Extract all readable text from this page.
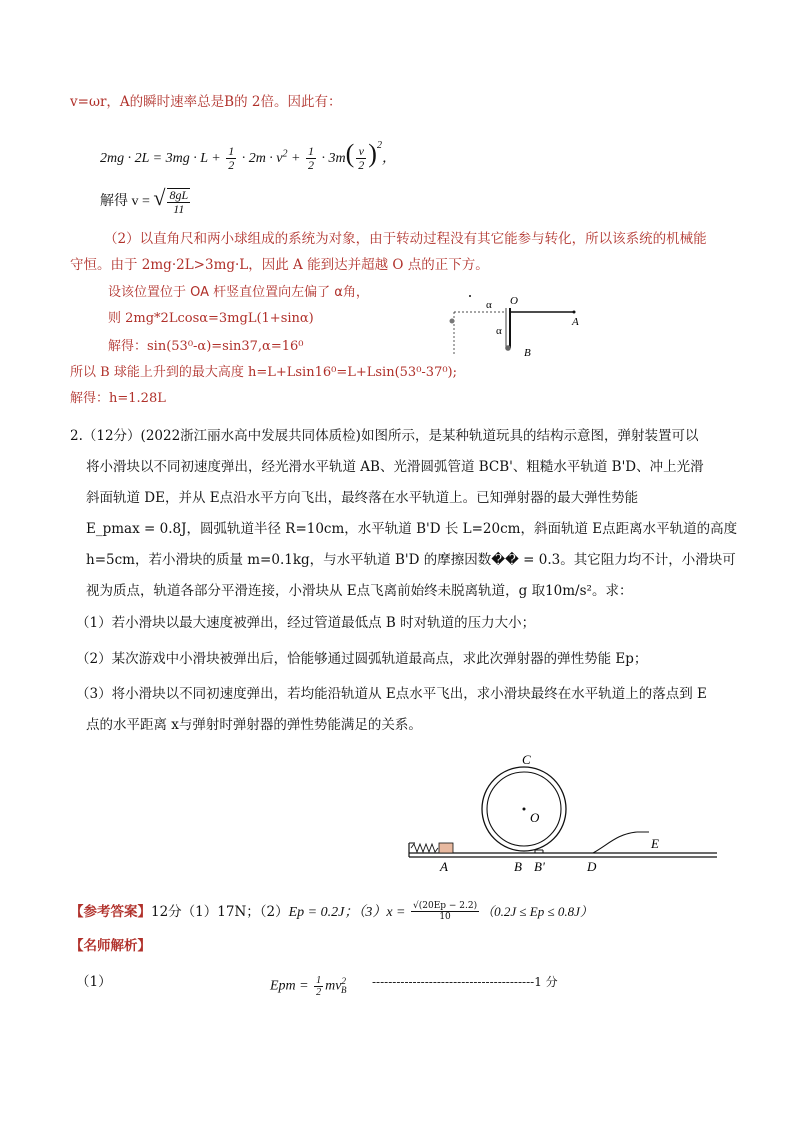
v=ωr，A的瞬时速率总是B的 2倍。因此有：
$2mg \cdot 2L = 3mg \cdot L + \frac{1}{2} \cdot 2m \cdot v^2 + \frac{1}{2} \cdot 3m( \frac{v}{2} )^2$，
解得 v = √ $\frac{8gL}{11}$
（2）以直角尺和两小球组成的系统为对象，由于转动过程没有其它能参与转化，所以该系统的机械能
守恒。由于 2mg·2L>3mg·L，因此 A 能到达并超越 O 点的正下方。
设该位置位于 OA 杆竖直位置向左偏了 α角，
则 2mg*2Lcosα=3mgL(1+sinα)
解得：sin(53⁰-α)=sin37,α=16⁰
所以 B 球能上升到的最大高度 h=L+Lsin16⁰=L+Lsin(53⁰-37⁰);
解得：h=1.28L
O
A
B
α
α
2.（12分）(2022浙江丽水高中发展共同体质检)如图所示，是某种轨道玩具的结构示意图，弹射装置可以
将小滑块以不同初速度弹出，经光滑水平轨道 AB、光滑圆弧管道 BCB'、粗糙水平轨道 B'D、冲上光滑
斜面轨道 DE，并从 E点沿水平方向飞出，最终落在水平轨道上。已知弹射器的最大弹性势能
E_pmax = 0.8J，圆弧轨道半径 R=10cm，水平轨道 B'D 长 L=20cm，斜面轨道 E点距离水平轨道的高度
h=5cm，若小滑块的质量 m=0.1kg，与水平轨道 B'D 的摩擦因数�� = 0.3。其它阻力均不计，小滑块可
视为质点，轨道各部分平滑连接，小滑块从 E点飞离前始终未脱离轨道，g 取10m/s²。求：
（1）若小滑块以最大速度被弹出，经过管道最低点 B 时对轨道的压力大小；
（2）某次游戏中小滑块被弹出后，恰能够通过圆弧轨道最高点，求此次弹射器的弹性势能 Ep；
（3）将小滑块以不同初速度弹出，若均能沿轨道从 E点水平飞出，求小滑块最终在水平轨道上的落点到 E
点的水平距离 x与弹射时弹射器的弹性势能满足的关系。
C
O
A	B B'	D
E
【参考答案】12分（1）17N；（2）Ep = 0.2J；$(3)x = \frac{√(20Ep - 2.2)}{10} (0.2J \le Ep \le 0.8J)$
【名师解析】
（1）	Epm = $\frac{1}{2} mv^2_B$
----------------------------------------1 分
